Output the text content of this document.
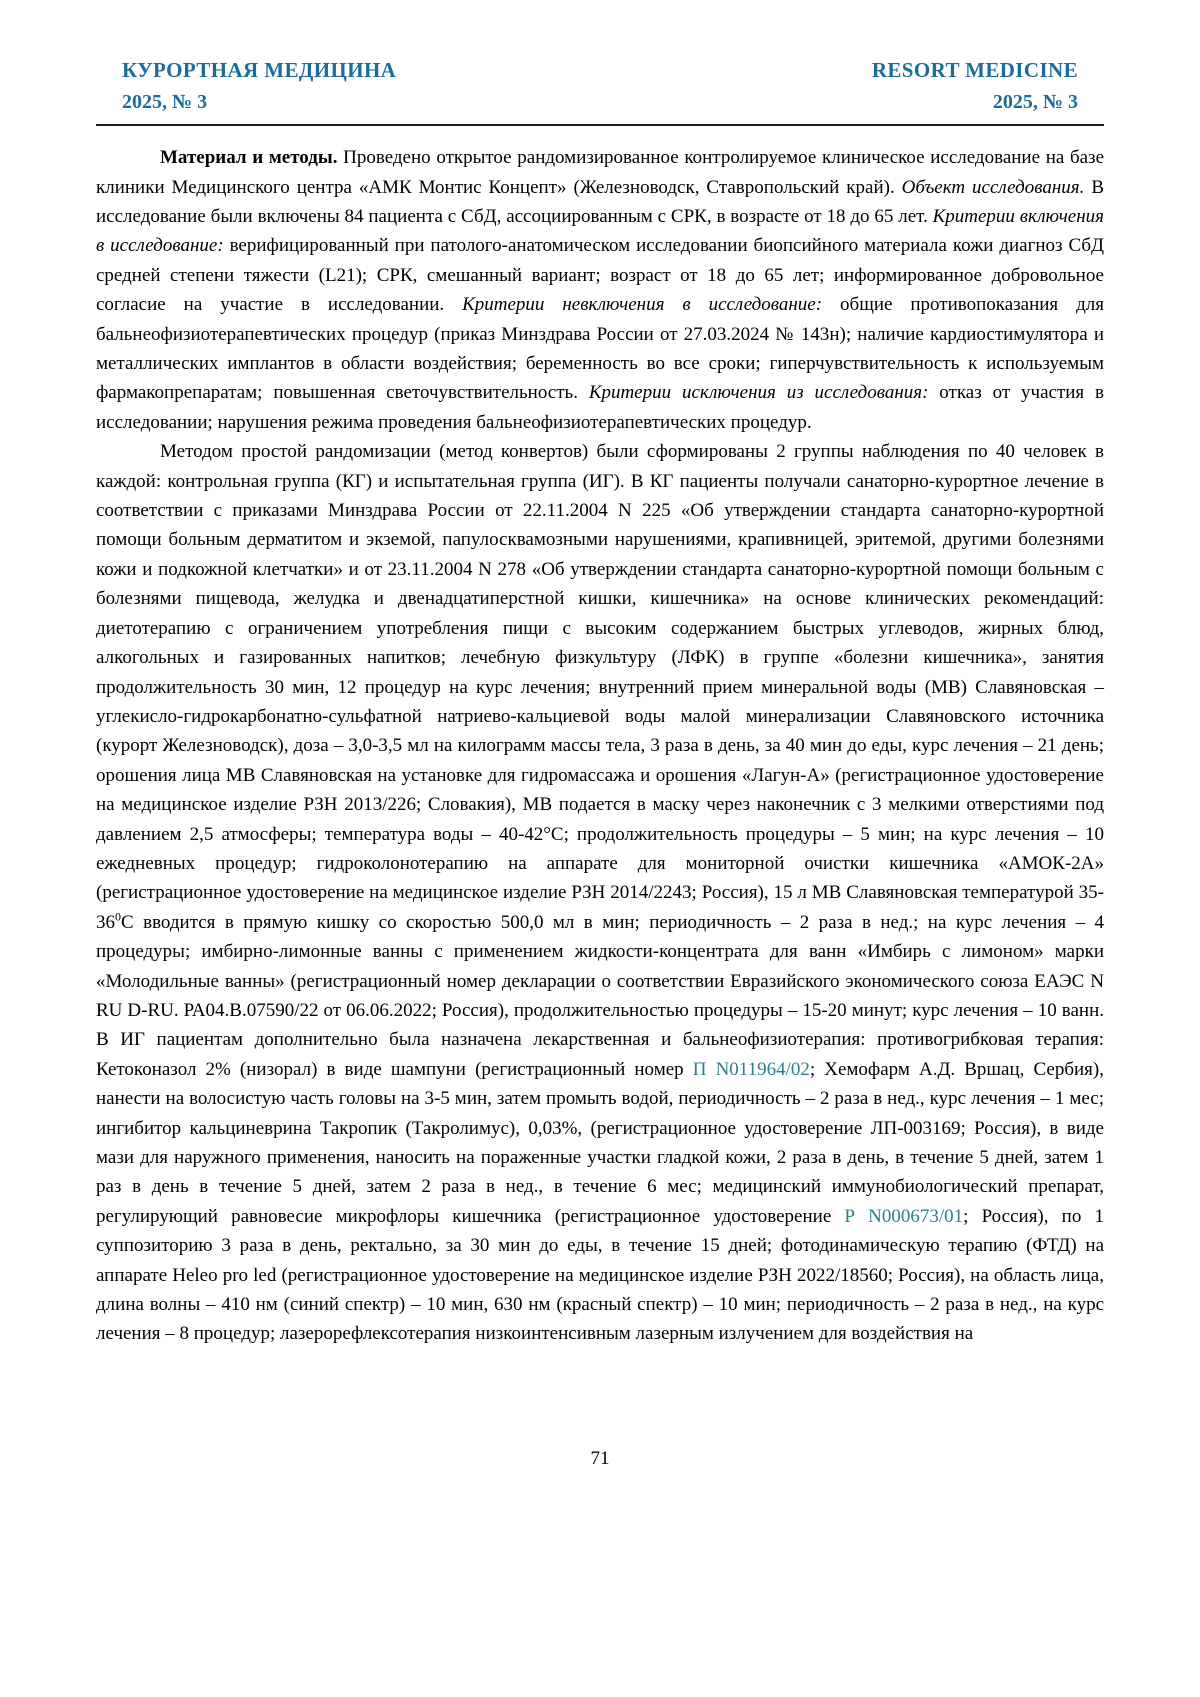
КУРОРТНАЯ МЕДИЦИНА
2025, № 3
RESORT MEDICINE
2025, № 3

Материал и методы. Проведено открытое рандомизированное контролируемое клиническое исследование на базе клиники Медицинского центра «АМК Монтис Концепт» (Железноводск, Ставропольский край). Объект исследования. В исследование были включены 84 пациента с СбД, ассоциированным с СРК, в возрасте от 18 до 65 лет. Критерии включения в исследование: верифицированный при патолого-анатомическом исследовании биопсийного материала кожи диагноз СбД средней степени тяжести (L21); СРК, смешанный вариант; возраст от 18 до 65 лет; информированное добровольное согласие на участие в исследовании. Критерии невключения в исследование: общие противопоказания для бальнеофизиотерапевтических процедур (приказ Минздрава России от 27.03.2024 № 143н); наличие кардиостимулятора и металлических имплантов в области воздействия; беременность во все сроки; гиперчувствительность к используемым фармакопрепаратам; повышенная светочувствительность. Критерии исключения из исследования: отказ от участия в исследовании; нарушения режима проведения бальнеофизиотерапевтических процедур.

Методом простой рандомизации (метод конвертов) были сформированы 2 группы наблюдения по 40 человек в каждой: контрольная группа (КГ) и испытательная группа (ИГ). В КГ пациенты получали санаторно-курортное лечение в соответствии с приказами Минздрава России от 22.11.2004 N 225 «Об утверждении стандарта санаторно-курортной помощи больным дерматитом и экземой, папулосквамозными нарушениями, крапивницей, эритемой, другими болезнями кожи и подкожной клетчатки» и от 23.11.2004 N 278 «Об утверждении стандарта санаторно-курортной помощи больным с болезнями пищевода, желудка и двенадцатиперстной кишки, кишечника» на основе клинических рекомендаций: диетотерапию с ограничением употребления пищи с высоким содержанием быстрых углеводов, жирных блюд, алкогольных и газированных напитков; лечебную физкультуру (ЛФК) в группе «болезни кишечника», занятия продолжительность 30 мин, 12 процедур на курс лечения; внутренний прием минеральной воды (МВ) Славяновская – углекисло-гидрокарбонатно-сульфатной натриево-кальциевой воды малой минерализации Славяновского источника (курорт Железноводск), доза – 3,0-3,5 мл на килограмм массы тела, 3 раза в день, за 40 мин до еды, курс лечения – 21 день; орошения лица МВ Славяновская на установке для гидромассажа и орошения «Лагун-А» (регистрационное удостоверение на медицинское изделие РЗН 2013/226; Словакия), МВ подается в маску через наконечник с 3 мелкими отверстиями под давлением 2,5 атмосферы; температура воды – 40-42°С; продолжительность процедуры – 5 мин; на курс лечения – 10 ежедневных процедур; гидроколонотерапию на аппарате для мониторной очистки кишечника «АМОК-2А» (регистрационное удостоверение на медицинское изделие РЗН 2014/2243; Россия), 15 л МВ Славяновская температурой $35-36^0С$ вводится в прямую кишку со скоростью 500,0 мл в мин; периодичность – 2 раза в нед.; на курс лечения – 4 процедуры; имбирно-лимонные ванны с применением жидкости-концентрата для ванн «Имбирь с лимоном» марки «Молодильные ванны» (регистрационный номер декларации о соответствии Евразийского экономического союза ЕАЭС N RU D-RU. РА04.В.07590/22 от 06.06.2022; Россия), продолжительностью процедуры – 15-20 минут; курс лечения – 10 ванн. В ИГ пациентам дополнительно была назначена лекарственная и бальнеофизиотерапия: противогрибковая терапия: Кетоконазол 2% (низорал) в виде шампуни (регистрационный номер П N011964/02; Хемофарм А.Д. Вршац, Сербия), нанести на волосистую часть головы на 3-5 мин, затем промыть водой, периодичность – 2 раза в нед., курс лечения – 1 мес; ингибитор кальциневрина Такропик (Такролимус), 0,03%, (регистрационное удостоверение ЛП-003169; Россия), в виде мази для наружного применения, наносить на пораженные участки гладкой кожи, 2 раза в день, в течение 5 дней, затем 1 раз в день в течение 5 дней, затем 2 раза в нед., в течение 6 мес; медицинский иммунобиологический препарат, регулирующий равновесие микрофлоры кишечника (регистрационное удостоверение Р N000673/01; Россия), по 1 суппозиторию 3 раза в день, ректально, за 30 мин до еды, в течение 15 дней; фотодинамическую терапию (ФТД) на аппарате Heleo pro led (регистрационное удостоверение на медицинское изделие РЗН 2022/18560; Россия), на область лица, длина волны – 410 нм (синий спектр) – 10 мин, 630 нм (красный спектр) – 10 мин; периодичность – 2 раза в нед., на курс лечения – 8 процедур; лазерорефлексотерапия низкоинтенсивным лазерным излучением для воздействия на

71
